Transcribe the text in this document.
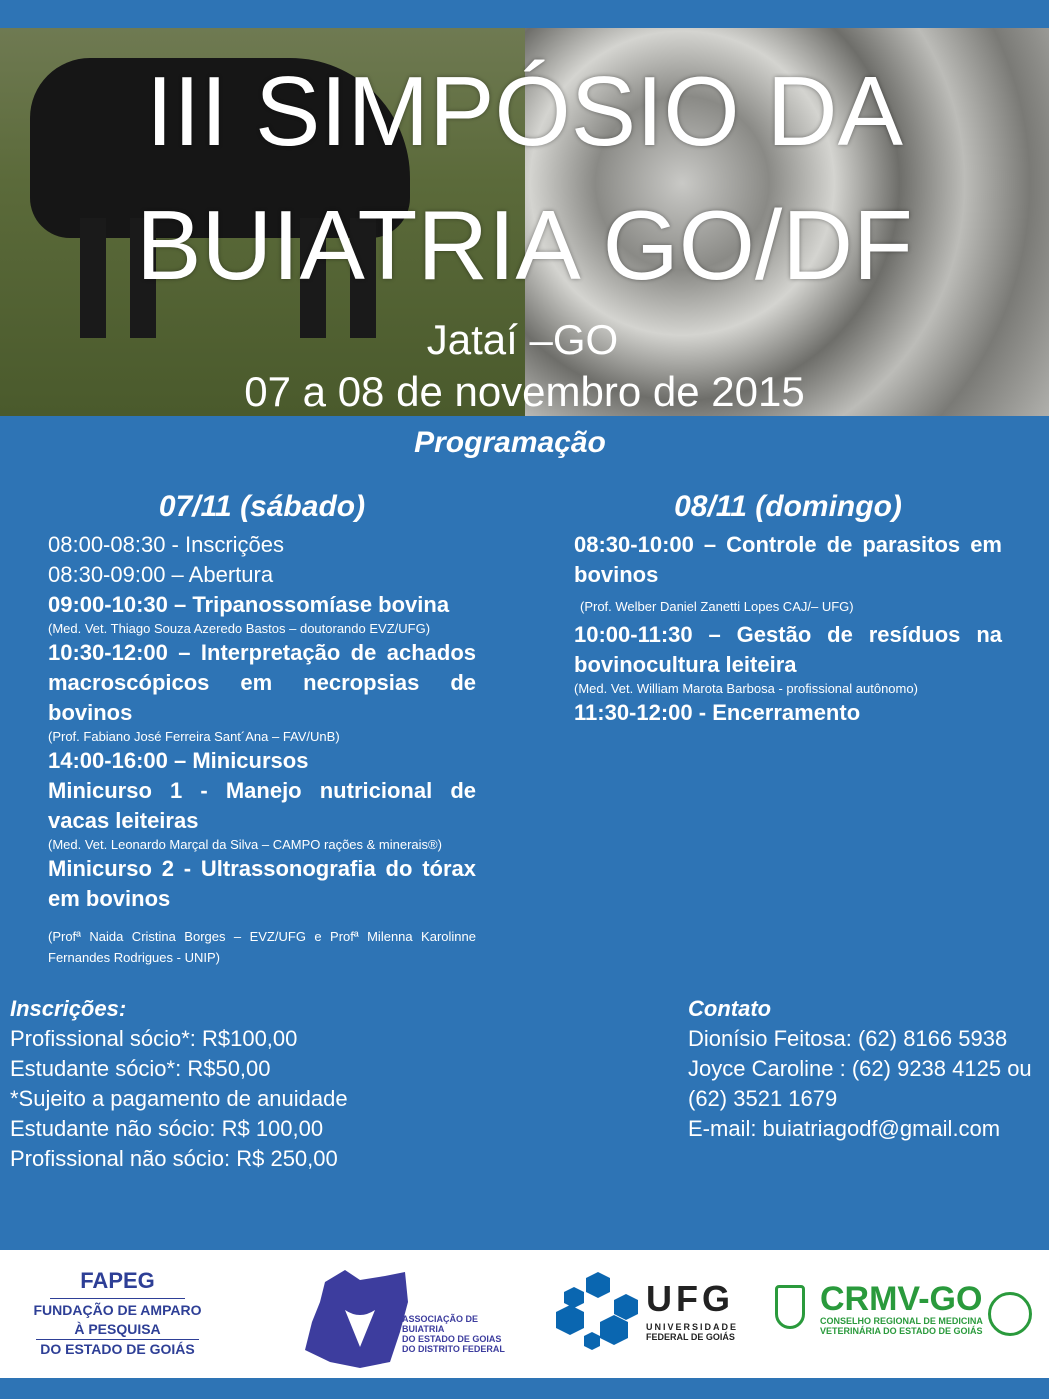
III SIMPÓSIO DA
BUIATRIA GO/DF
Jataí –GO
07 a 08 de novembro de 2015
Programação
07/11 (sábado)
08:00-08:30 - Inscrições
08:30-09:00 – Abertura
09:00-10:30 – Tripanossomíase bovina
(Med. Vet. Thiago Souza Azeredo Bastos – doutorando EVZ/UFG)
10:30-12:00 – Interpretação de achados macroscópicos em necropsias de bovinos
(Prof. Fabiano José Ferreira Sant´Ana – FAV/UnB)
14:00-16:00 – Minicursos
Minicurso 1 - Manejo nutricional de vacas leiteiras
(Med. Vet. Leonardo Marçal da Silva – CAMPO rações & minerais®)
Minicurso 2 - Ultrassonografia do tórax em bovinos
(Profª Naida Cristina Borges – EVZ/UFG e Profª Milenna Karolinne Fernandes Rodrigues - UNIP)
08/11 (domingo)
08:30-10:00 – Controle de parasitos em bovinos
(Prof. Welber Daniel Zanetti Lopes CAJ/– UFG)
10:00-11:30 – Gestão de resíduos na bovinocultura leiteira
(Med. Vet. William Marota Barbosa - profissional autônomo)
11:30-12:00 - Encerramento
Inscrições:
Profissional sócio*: R$100,00
Estudante sócio*: R$50,00
*Sujeito a pagamento de anuidade
Estudante não sócio: R$ 100,00
Profissional não sócio: R$ 250,00
Contato
Dionísio Feitosa: (62) 8166 5938
Joyce Caroline : (62) 9238 4125 ou
(62) 3521 1679
E-mail: buiatriagodf@gmail.com
FAPEG
FUNDAÇÃO DE AMPARO
À PESQUISA
DO ESTADO DE GOIÁS
ASSOCIAÇÃO DE BUIATRIA
DO ESTADO DE GOIAS
DO DISTRITO FEDERAL
UFG
UNIVERSIDADE
FEDERAL DE GOIÁS
CRMV-GO
CONSELHO REGIONAL DE MEDICINA
VETERINÁRIA DO ESTADO DE GOIÁS
